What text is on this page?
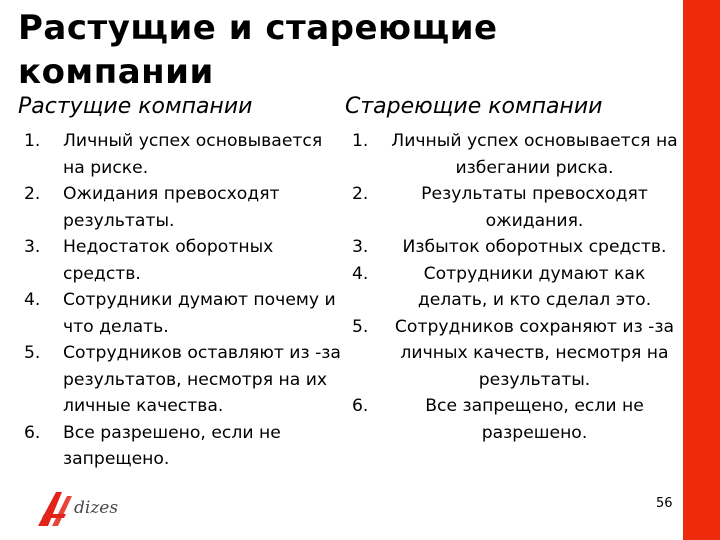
Растущие и стареющие компании
Растущие компании	Стареющие компании
1. Личный успех основывается на риске.
2. Ожидания превосходят результаты.
3. Недостаток оборотных средств.
4. Сотрудники думают почему и что делать.
5. Сотрудников оставляют из -за результатов, несмотря на их личные качества.
6. Все разрешено, если не запрещено.
1. Личный успех основывается на избегании риска.
2.	Результаты превосходят ожидания.
3.	Избыток оборотных средств.
4.	Сотрудники думают как делать, и кто сделал это.
5. Сотрудников сохраняют из -за личных качеств, несмотря на результаты.
6.	Все запрещено, если не разрешено.
dizes	56
